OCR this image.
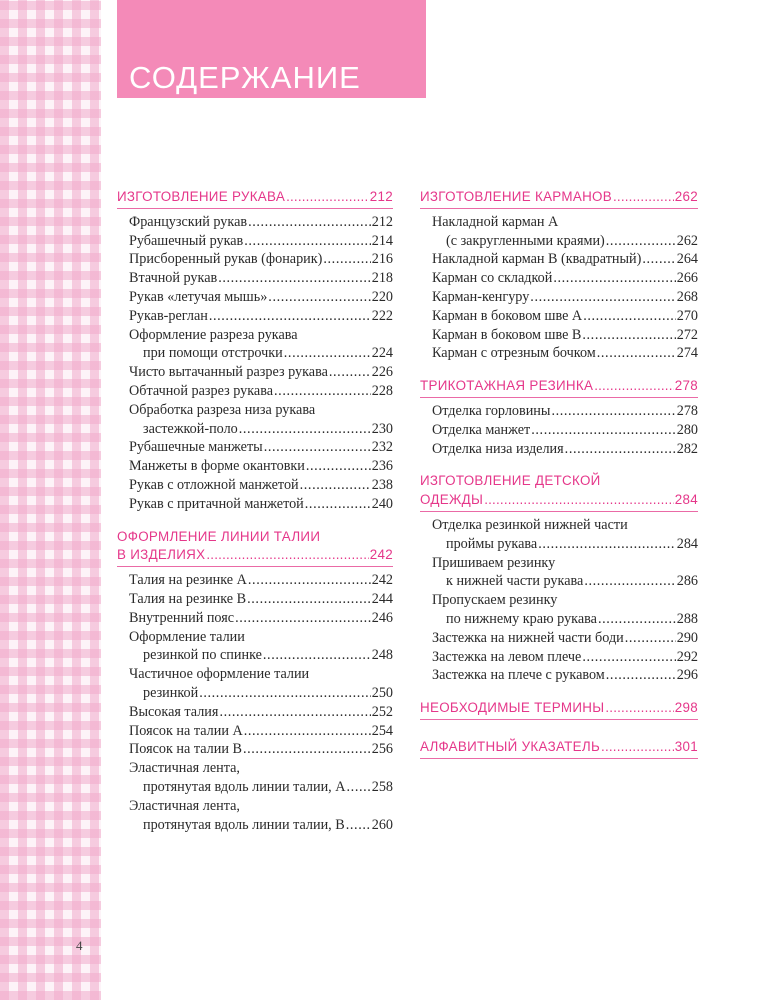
4
СОДЕРЖАНИЕ
ИЗГОТОВЛЕНИЕ РУКАВА .....	212
Французский рукав .....	212
Рубашечный рукав .....	214
Присборенный рукав (фонарик) .....	216
Втачной рукав .....	218
Рукав «летучая мышь» .....	220
Рукав-реглан .....	222
Оформление разреза рукава
при помощи отстрочки .....	224
Чисто вытачанный разрез рукава .....	226
Обтачной разрез рукава .....	228
Обработка разреза низа рукава
застежкой-поло .....	230
Рубашечные манжеты .....	232
Манжеты в форме окантовки .....	236
Рукав с отложной манжетой .....	238
Рукав с притачной манжетой .....	240
ОФОРМЛЕНИЕ ЛИНИИ ТАЛИИ
В ИЗДЕЛИЯХ .....	242
Талия на резинке А .....	242
Талия на резинке В .....	244
Внутренний пояс .....	246
Оформление талии
резинкой по спинке .....	248
Частичное оформление талии
резинкой .....	250
Высокая талия .....	252
Поясок на талии А .....	254
Поясок на талии В .....	256
Эластичная лента,
протянутая вдоль линии талии, А ..... 258
Эластичная лента,
протянутая вдоль линии талии, В ..... 260
ИЗГОТОВЛЕНИЕ КАРМАНОВ .....	262
Накладной карман А
(с закругленными краями) .....	262
Накладной карман В (квадратный) ..... 264
Карман со складкой .....	266
Карман-кенгуру .....	268
Карман в боковом шве А .....	270
Карман в боковом шве В .....	272
Карман с отрезным бочком .....	274
ТРИКОТАЖНАЯ РЕЗИНКА .....	278
Отделка горловины .....	278
Отделка манжет .....	280
Отделка низа изделия .....	282
ИЗГОТОВЛЕНИЕ ДЕТСКОЙ
ОДЕЖДЫ .....	284
Отделка резинкой нижней части
проймы рукава .....	284
Пришиваем резинку
к нижней части рукава .....	286
Пропускаем резинку
по нижнему краю рукава .....	288
Застежка на нижней части боди .....	290
Застежка на левом плече .....	292
Застежка на плече с рукавом .....	296
НЕОБХОДИМЫЕ ТЕРМИНЫ .....	298
АЛФАВИТНЫЙ УКАЗАТЕЛЬ .....	301
